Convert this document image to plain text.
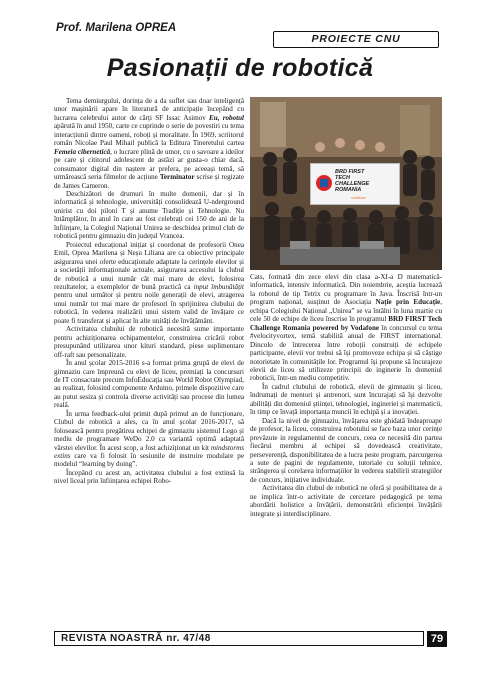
Prof. Marilena OPREA
PROIECTE CNU
Pasionații de robotică

Tema demiurgului, dorința de a da suflet sau doar inteligență unor mașinării apare în literatură de anticipație începând cu lucrarea celebrului autor de cărți SF Issac Asimov Eu, robotul apărută în anul 1950, carte ce cuprinde o serie de povestiri cu tema interacțiunii dintre oameni, roboți și moralitate. În 1969, scriitorul român Nicolae Paul Mihail publică la Editura Tineretului cartea Femeia cibernetică, o lucrare plină de umor, cu o savoare a ideilor pe care și cititorul adolescent de astăzi ar gusta-o chiar dacă, consumator digital din naștere ar prefera, pe aceeași temă, să urmărească seria filmelor de acțiune Terminator scrise și regizate de James Cameron.

Deschizători de drumuri în multe domenii, dar și în informatică și tehnologie, universități consolidează U-nderground unirist cu doi piloni T și anume Tradiție și Tehnologie. Nu întâmplător, în anul în care au fost celebrați cei 150 de ani de la înființare, la Colegiul Național Unirea se deschidea primul club de robotică pentru gimnaziu din județul Vrancea.

Proiectul educațional inițiat și coordonat de profesorii Onea Emil, Oprea Marilena și Neșu Liliana are ca obiective principale asigurarea unei oferte educaționale adaptate la cerințele elevilor și a societății informaționale actuale, asigurarea accesului la clubul de robotică a unui număr cât mai mare de elevi, folosirea rezultatelor, a exemplelor de bună practică ca input îmbunătățit pentru unul următor și pentru noile generații de elevi, atragerea unui număr tot mai mare de profesori în sprijinirea clubului de robotică, în vederea realizării unui sistem valid de învățare ce poate fi transferat și aplicat în alte unități de învățământ.

Activitatea clubului de robotică necesită sume importante pentru achiziționarea echipamentelor, construirea cricării robot presupunând utilizarea unor kituri standard, piese suplimentare off-raft sau personalizate.

În anul școlar 2015-2016 s-a format prima grupă de elevi de gimnaziu care împreună cu elevi de liceu, premiați la concursuri de IT consacrate precum InfoEducația sau World Robot Olympiad, au realizat, folosind componente Arduino, primele dispozitive care au putut sesiza și controla diverse activități sau procese din lumea reală.

În urma feedback-ului primit după primul an de funcționare, Clubul de robotică a ales, ca în anul școlar 2016-2017, să folosească pentru pregătirea echipei de gimnaziu sistemul Lego și mediu de programare WeDo 2.0 ca variantă optimă adaptată vârstei elevilor. În acest scop, a fost achiziționat un kit mindstorms extins care va fi folosit în sesiunile de instruire modulare pe modelul “learning by doing”.

Începând cu acest an, activitatea clubului a fost extinsă la nivel liceal prin înființarea echipei Robo-

BRD FIRST
TECH
CHALLENGE
ROMANIA
vodafone

Cats, formată din zece elevi din clasa a-XI-a D matematică-informatică, intensiv informatică. Din noiembrie, aceștia lucrează la robotul de tip Tetrix cu programare în Java. Înscrisă într-un program național, susținut de Asociația Nație prin Educație, echipa Colegiului Național „Unirea” se va întâlni în luna martie cu cele 50 de echipe de liceu înscrise în programul BRD FIRST Tech Challenge Romania powered by Vodafone în concursul cu tema #velocityvortex, temă stabilită anual de FIRST international. Dincolo de întrecerea între roboții construiți de echipele participante, elevii vor trebui să își promoveze echipa și să câștige notorietate în comunitățile lor. Programul își propune să încurajeze elevii de liceu să utilizeze principii de inginerie în domeniul roboticii, într-un mediu competitiv.

În cadrul clubului de robotică, elevii de gimnaziu și liceu, îndrumați de mentori și antrenori, sunt încurajați să își dezvolte abilități din domeniul științei, tehnologiei, ingineriei și matematicii, în timp ce învață importanța muncii în echipă și a inovației.

Dacă la nivel de gimnaziu, învățarea este ghidată îndeaproape de profesor, la liceu, construirea robotului se face baza unor cerințe prevăzute in regulamentul de concurs, ceea ce necesită din partea fiecărui membru al echipei să dovedească creativitate, perseverență, disponibilitatea de a lucra peste program, parcurgerea a sute de pagini de regulamente, tutoriale cu soluții tehnice, strângerea și corelarea informațiilor în vederea stabilirii strategiilor de concurs, inițiative individuale.

Activitatea din clubul de robotică ne oferă și posibilitatea de a ne implica într-o activitate de cercetare pedagogică pe tema abordării holistice a învățării, demonstrării eficienței învățării integrate și interdisciplinare.

REVISTA NOASTRĂ nr. 47/48	79
